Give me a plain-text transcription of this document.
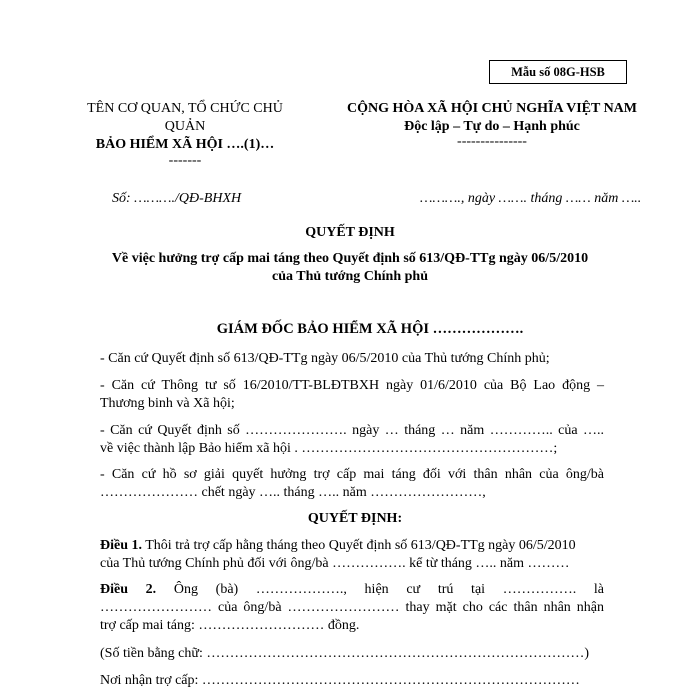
Mẫu số 08G-HSB
TÊN CƠ QUAN, TỔ CHỨC CHỦ
QUẢN
BẢO HIỂM XÃ HỘI ….(1)…
-------
CỘNG HÒA XÃ HỘI CHỦ NGHĨA VIỆT NAM
Độc lập – Tự do – Hạnh phúc
---------------
Số: ………./QĐ-BHXH	………., ngày ……. tháng …… năm …..
QUYẾT ĐỊNH
Về việc hưởng trợ cấp mai táng theo Quyết định số 613/QĐ-TTg ngày 06/5/2010
của Thủ tướng Chính phủ
GIÁM ĐỐC BẢO HIỂM XÃ HỘI ……………….
- Căn cứ Quyết định số 613/QĐ-TTg ngày 06/5/2010 của Thủ tướng Chính phủ;
- Căn cứ Thông tư số 16/2010/TT-BLĐTBXH ngày 01/6/2010 của Bộ Lao động –
Thương binh và Xã hội;
- Căn cứ Quyết định số …………………. ngày … tháng … năm ………….. của …..
về việc thành lập Bảo hiểm xã hội . ………………………………………………;
- Căn cứ hồ sơ giải quyết hưởng trợ cấp mai táng đối với thân nhân của ông/bà
………………… chết ngày ….. tháng ….. năm ……………………,
QUYẾT ĐỊNH:
Điều 1. Thôi trả trợ cấp hằng tháng theo Quyết định số 613/QĐ-TTg ngày 06/5/2010
của Thủ tướng Chính phủ đối với ông/bà ……………. kể từ tháng ….. năm ………
Điều 2. Ông (bà) ………………., hiện cư trú tại ……………. là
…………………… của ông/bà …………………… thay mặt cho các thân nhân nhận
trợ cấp mai táng: ……………………… đồng.
(Số tiền bằng chữ: ………………………………………………………………………)
Nơi nhận trợ cấp: ………………………………………………………………………
